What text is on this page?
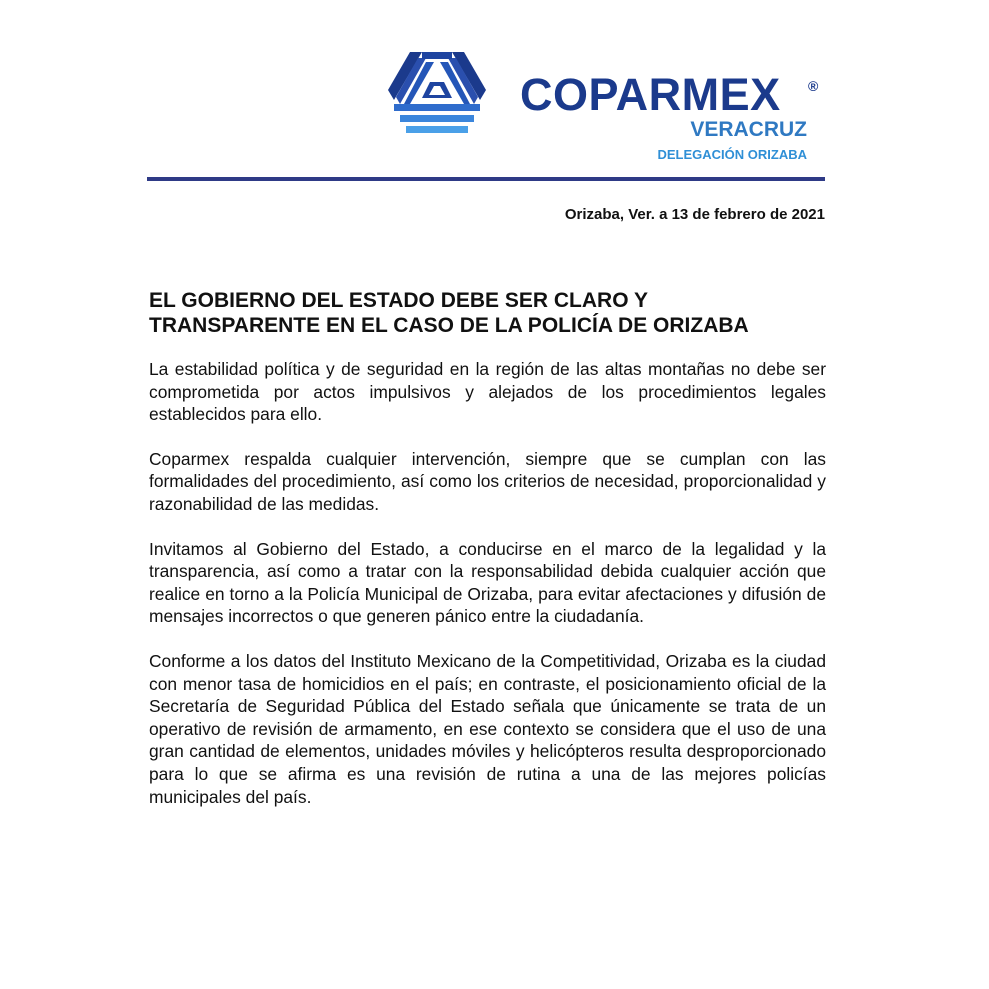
COPARMEX ®
VERACRUZ
DELEGACIÓN ORIZABA
Orizaba, Ver. a 13 de febrero de 2021
EL GOBIERNO DEL ESTADO DEBE SER CLARO Y
TRANSPARENTE EN EL CASO DE LA POLICÍA DE ORIZABA

La estabilidad política y de seguridad en la región de las altas montañas no debe ser comprometida por actos impulsivos y alejados de los procedimientos legales establecidos para ello.

Coparmex respalda cualquier intervención, siempre que se cumplan con las formalidades del procedimiento, así como los criterios de necesidad, proporcionalidad y razonabilidad de las medidas.

Invitamos al Gobierno del Estado, a conducirse en el marco de la legalidad y la transparencia, así como a tratar con la responsabilidad debida cualquier acción que realice en torno a la Policía Municipal de Orizaba, para evitar afectaciones y difusión de mensajes incorrectos o que generen pánico entre la ciudadanía.

Conforme a los datos del Instituto Mexicano de la Competitividad, Orizaba es la ciudad con menor tasa de homicidios en el país; en contraste, el posicionamiento oficial de la Secretaría de Seguridad Pública del Estado señala que únicamente se trata de un operativo de revisión de armamento, en ese contexto se considera que el uso de una gran cantidad de elementos, unidades móviles y helicópteros resulta desproporcionado para lo que se afirma es una revisión de rutina a una de las mejores policías municipales del país.
